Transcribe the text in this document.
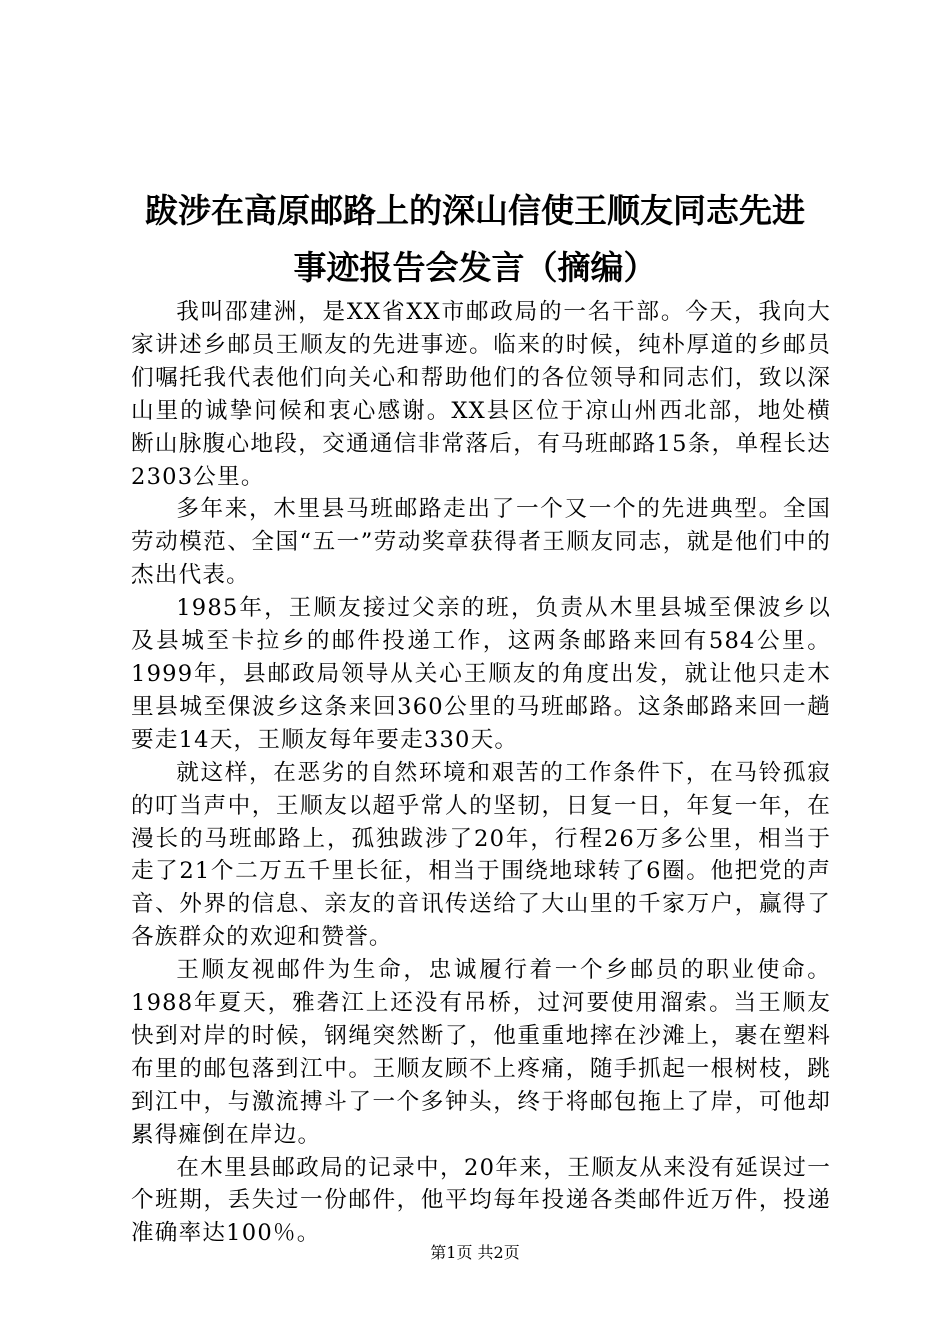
跋涉在高原邮路上的深山信使王顺友同志先进
事迹报告会发言（摘编）

我叫邵建洲，是XX省XX市邮政局的一名干部。今天，我向大家讲述乡邮员王顺友的先进事迹。临来的时候，纯朴厚道的乡邮员们嘱托我代表他们向关心和帮助他们的各位领导和同志们，致以深山里的诚挚问候和衷心感谢。XX县区位于凉山州西北部，地处横断山脉腹心地段，交通通信非常落后，有马班邮路15条，单程长达2303公里。

多年来，木里县马班邮路走出了一个又一个的先进典型。全国劳动模范、全国“五一”劳动奖章获得者王顺友同志，就是他们中的杰出代表。

1985年，王顺友接过父亲的班，负责从木里县城至倮波乡以及县城至卡拉乡的邮件投递工作，这两条邮路来回有584公里。1999年，县邮政局领导从关心王顺友的角度出发，就让他只走木里县城至倮波乡这条来回360公里的马班邮路。这条邮路来回一趟要走14天，王顺友每年要走330天。

就这样，在恶劣的自然环境和艰苦的工作条件下，在马铃孤寂的叮当声中，王顺友以超乎常人的坚韧，日复一日，年复一年，在漫长的马班邮路上，孤独跋涉了20年，行程26万多公里，相当于走了21个二万五千里长征，相当于围绕地球转了6圈。他把党的声音、外界的信息、亲友的音讯传送给了大山里的千家万户，赢得了各族群众的欢迎和赞誉。

王顺友视邮件为生命，忠诚履行着一个乡邮员的职业使命。1988年夏天，雅砻江上还没有吊桥，过河要使用溜索。当王顺友快到对岸的时候，钢绳突然断了，他重重地摔在沙滩上，裹在塑料布里的邮包落到江中。王顺友顾不上疼痛，随手抓起一根树枝，跳到江中，与激流搏斗了一个多钟头，终于将邮包拖上了岸，可他却累得瘫倒在岸边。

在木里县邮政局的记录中，20年来，王顺友从来没有延误过一个班期，丢失过一份邮件，他平均每年投递各类邮件近万件，投递准确率达100％。

第1页 共2页
